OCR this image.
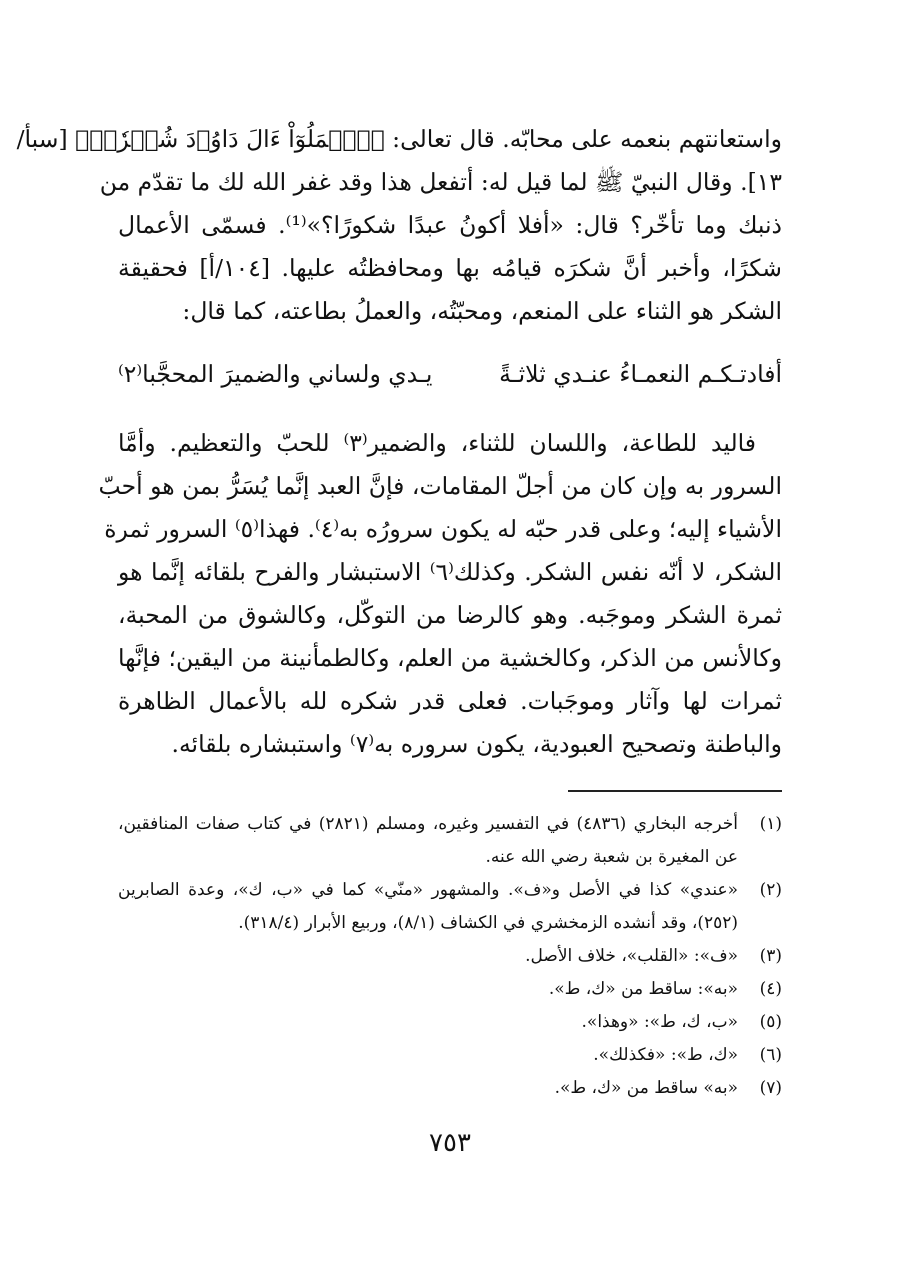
واستعانتهم بنعمه على محابّه. قال تعالى: ﴿ٱعۡمَلُوٓاْ ءَالَ دَاوُۥدَ شُكۡرٗاۚ﴾ [سبأ/
١٣]. وقال النبيّ ﷺ لما قيل له: أتفعل هذا وقد غفر الله لك ما تقدّم من
ذنبك وما تأخّر؟ قال: «أفلا أكونُ عبدًا شكورًا؟»⁽¹⁾. فسمّى الأعمال
شكرًا، وأخبر أنَّ شكرَه قيامُه بها ومحافظتُه عليها. [١٠٤/أ] فحقيقة
الشكر هو الثناء على المنعم، ومحبّتُه، والعملُ بطاعته، كما قال:
أفادتـكـم النعمـاءُ عنـدي ثلاثـةً
يـدي ولساني والضميرَ المحجَّبا⁽٢⁾
فاليد للطاعة، واللسان للثناء، والضمير⁽٣⁾ للحبّ والتعظيم. وأمَّا
السرور به وإن كان من أجلّ المقامات، فإنَّ العبد إنَّما يُسَرُّ بمن هو أحبّ
الأشياء إليه؛ وعلى قدر حبّه له يكون سرورُه به⁽٤⁾. فهذا⁽٥⁾ السرور ثمرة
الشكر، لا أنّه نفس الشكر. وكذلك⁽٦⁾ الاستبشار والفرح بلقائه إنَّما هو
ثمرة الشكر وموجَبه. وهو كالرضا من التوكّل، وكالشوق من المحبة،
وكالأنس من الذكر، وكالخشية من العلم، وكالطمأنينة من اليقين؛ فإنَّها
ثمرات لها وآثار وموجَبات. فعلى قدر شكره لله بالأعمال الظاهرة
والباطنة وتصحيح العبودية، يكون سروره به⁽٧⁾ واستبشاره بلقائه.
(١)
أخرجه البخاري (٤٨٣٦) في التفسير وغيره، ومسلم (٢٨٢١) في كتاب صفات المنافقين، عن المغيرة بن شعبة رضي الله عنه.
(٢)
«عندي» كذا في الأصل و«ف». والمشهور «منّي» كما في «ب، ك»، وعدة الصابرين (٢٥٢)، وقد أنشده الزمخشري في الكشاف (٨/١)، وربيع الأبرار (٣١٨/٤).
(٣)
«ف»: «القلب»، خلاف الأصل.
(٤)
«به»: ساقط من «ك، ط».
(٥)
«ب، ك، ط»: «وهذا».
(٦)
«ك، ط»: «فكذلك».
(٧)
«به» ساقط من «ك، ط».
٧٥٣
